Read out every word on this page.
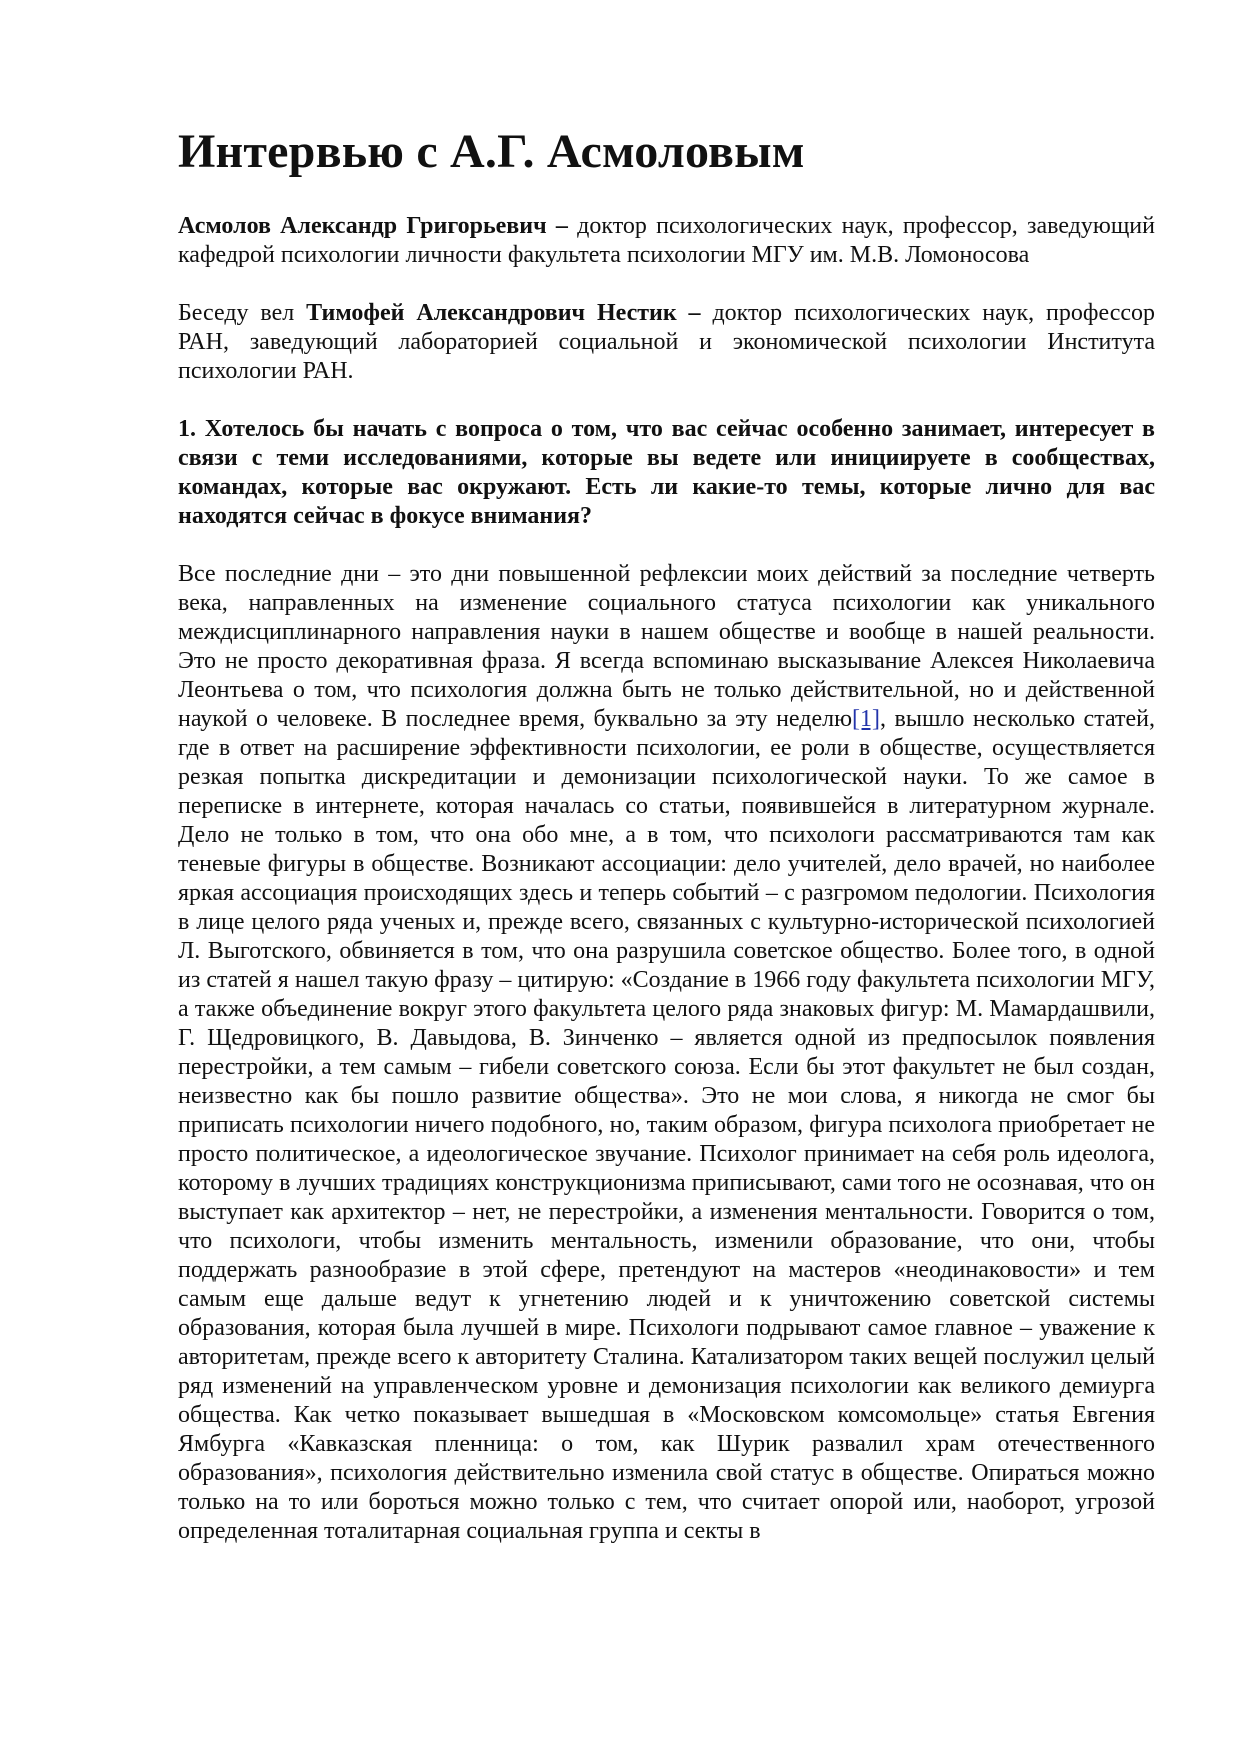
Интервью с А.Г. Асмоловым

Асмолов Александр Григорьевич – доктор психологических наук, профессор, заведующий кафедрой психологии личности факультета психологии МГУ им. М.В. Ломоносова

Беседу вел Тимофей Александрович Нестик – доктор психологических наук, профессор РАН, заведующий лабораторией социальной и экономической психологии Института психологии РАН.

1. Хотелось бы начать с вопроса о том, что вас сейчас особенно занимает, интересует в связи с теми исследованиями, которые вы ведете или инициируете в сообществах, командах, которые вас окружают. Есть ли какие-то темы, которые лично для вас находятся сейчас в фокусе внимания?

Все последние дни – это дни повышенной рефлексии моих действий за последние четверть века, направленных на изменение социального статуса психологии как уникального междисциплинарного направления науки в нашем обществе и вообще в нашей реальности. Это не просто декоративная фраза. Я всегда вспоминаю высказывание Алексея Николаевича Леонтьева о том, что психология должна быть не только действительной, но и действенной наукой о человеке. В последнее время, буквально за эту неделю[1], вышло несколько статей, где в ответ на расширение эффективности психологии, ее роли в обществе, осуществляется резкая попытка дискредитации и демонизации психологической науки. То же самое в переписке в интернете, которая началась со статьи, появившейся в литературном журнале. Дело не только в том, что она обо мне, а в том, что психологи рассматриваются там как теневые фигуры в обществе. Возникают ассоциации: дело учителей, дело врачей, но наиболее яркая ассоциация происходящих здесь и теперь событий – с разгромом педологии. Психология в лице целого ряда ученых и, прежде всего, связанных с культурно-исторической психологией Л. Выготского, обвиняется в том, что она разрушила советское общество. Более того, в одной из статей я нашел такую фразу – цитирую: «Создание в 1966 году факультета психологии МГУ, а также объединение вокруг этого факультета целого ряда знаковых фигур: М. Мамардашвили, Г. Щедровицкого, В. Давыдова, В. Зинченко – является одной из предпосылок появления перестройки, а тем самым – гибели советского союза. Если бы этот факультет не был создан, неизвестно как бы пошло развитие общества». Это не мои слова, я никогда не смог бы приписать психологии ничего подобного, но, таким образом, фигура психолога приобретает не просто политическое, а идеологическое звучание. Психолог принимает на себя роль идеолога, которому в лучших традициях конструкционизма приписывают, сами того не осознавая, что он выступает как архитектор – нет, не перестройки, а изменения ментальности. Говорится о том, что психологи, чтобы изменить ментальность, изменили образование, что они, чтобы поддержать разнообразие в этой сфере, претендуют на мастеров «неодинаковости» и тем самым еще дальше ведут к угнетению людей и к уничтожению советской системы образования, которая была лучшей в мире. Психологи подрывают самое главное – уважение к авторитетам, прежде всего к авторитету Сталина. Катализатором таких вещей послужил целый ряд изменений на управленческом уровне и демонизация психологии как великого демиурга общества. Как четко показывает вышедшая в «Московском комсомольце» статья Евгения Ямбурга «Кавказская пленница: о том, как Шурик развалил храм отечественного образования», психология действительно изменила свой статус в обществе. Опираться можно только на то или бороться можно только с тем, что считает опорой или, наоборот, угрозой определенная тоталитарная социальная группа и секты в
